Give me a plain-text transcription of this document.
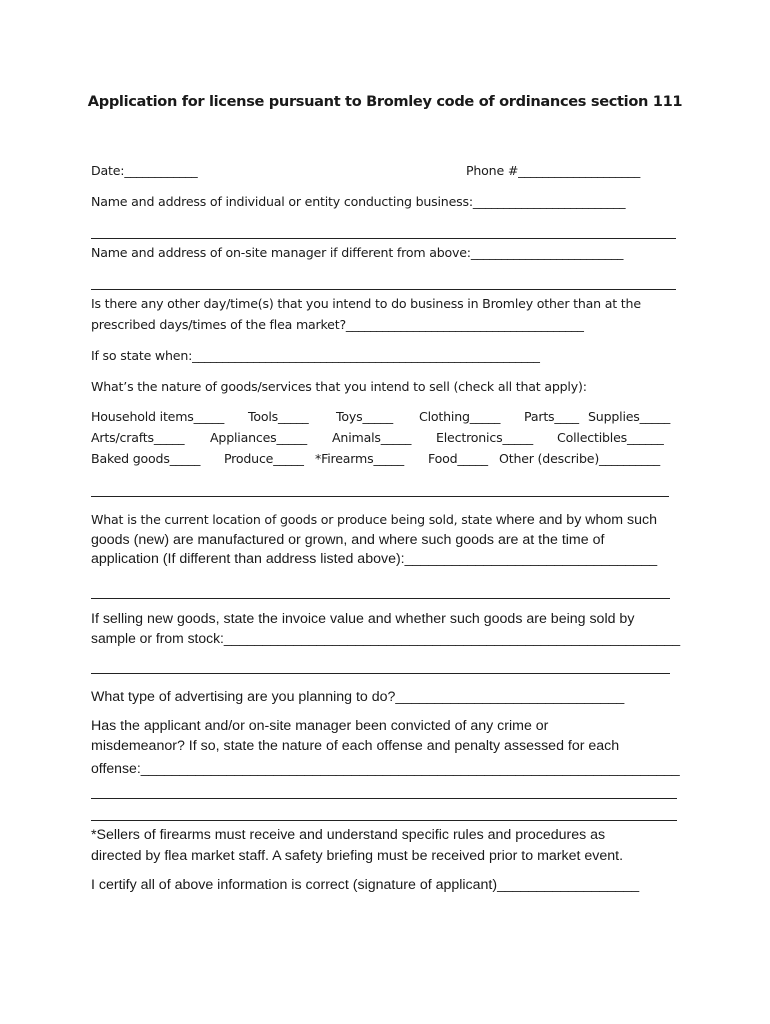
Application for license pursuant to Bromley code of ordinances section 111
Date:____________	Phone #____________________
Name and address of individual or entity conducting business:_________________________
Name and address of on-site manager if different from above:_________________________
Is there any other day/time(s) that you intend to do business in Bromley other than at the
prescribed days/times of the flea market?_______________________________________
If so state when:_________________________________________________________
What’s the nature of goods/services that you intend to sell (check all that apply):
Household items_____ Tools_____ Toys_____ Clothing_____ Parts____ Supplies_____
Arts/crafts_____ Appliances_____ Animals_____ Electronics_____ Collectibles______
Baked goods_____ Produce_____ *Firearms_____ Food_____ Other (describe)__________
What is the current location of goods or produce being sold, state where and by whom such
goods (new) are manufactured or grown, and where such goods are at the time of
application (If different than address listed above):________________________________
If selling new goods, state the invoice value and whether such goods are being sold by
sample or from stock:___________________________________________________________
What type of advertising are you planning to do?_____________________________
Has the applicant and/or on-site manager been convicted of any crime or
misdemeanor? If so, state the nature of each offense and penalty assessed for each
offense:_____________________________________________________________________
*Sellers of firearms must receive and understand specific rules and procedures as
directed by flea market staff. A safety briefing must be received prior to market event.
I certify all of above information is correct (signature of applicant)__________________
